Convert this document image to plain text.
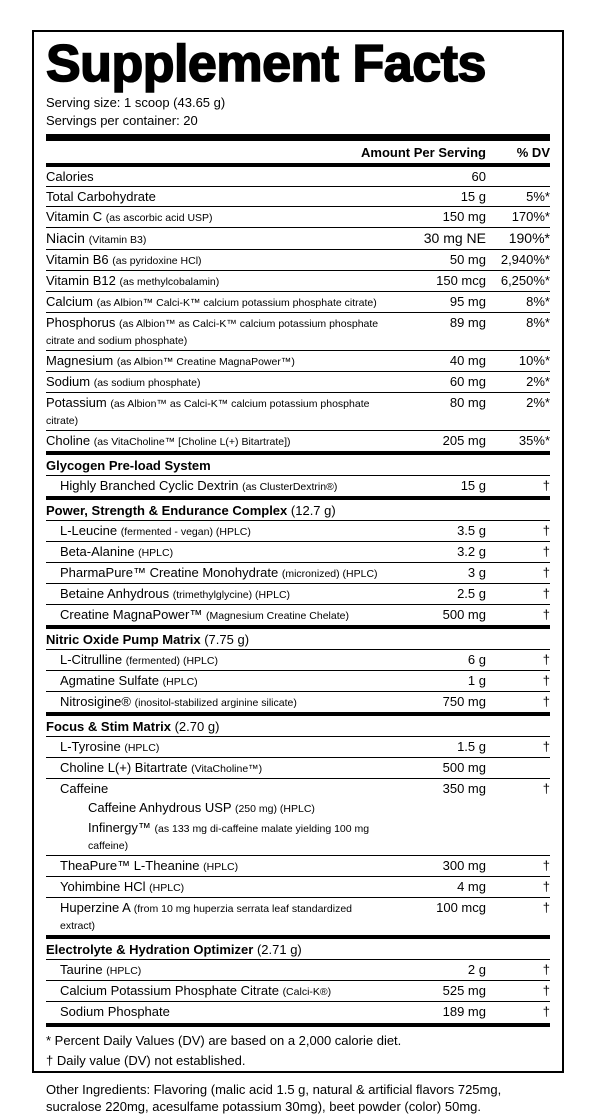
Supplement Facts
Serving size: 1 scoop (43.65 g)
Servings per container: 20
Amount Per Serving	% DV
Calories	60
Total Carbohydrate	15 g	5%*
Vitamin C (as ascorbic acid USP)	150 mg	170%*
Niacin (Vitamin B3)	30 mg NE	190%*
Vitamin B6 (as pyridoxine HCl)	50 mg	2,940%*
Vitamin B12 (as methylcobalamin)	150 mcg	6,250%*
Calcium (as Albion™ Calci-K™ calcium potassium phosphate citrate)	95 mg	8%*
Phosphorus (as Albion™ as Calci-K™ calcium potassium phosphate citrate and sodium phosphate)
89 mg	8%*
Magnesium (as Albion™ Creatine MagnaPower™)	40 mg	10%*
Sodium (as sodium phosphate)	60 mg	2%*
Potassium (as Albion™ as Calci-K™ calcium potassium phosphate citrate)
80 mg	2%*
Choline (as VitaCholine™ [Choline L(+) Bitartrate])	205 mg	35%*
Glycogen Pre-load System
Highly Branched Cyclic Dextrin (as ClusterDextrin®)	15 g	†
Power, Strength & Endurance Complex (12.7 g)
L-Leucine (fermented - vegan) (HPLC)	3.5 g	†
Beta-Alanine (HPLC)	3.2 g	†
PharmaPure™ Creatine Monohydrate (micronized) (HPLC)	3 g	†
Betaine Anhydrous (trimethylglycine) (HPLC)	2.5 g	†
Creatine MagnaPower™ (Magnesium Creatine Chelate)	500 mg	†
Nitric Oxide Pump Matrix (7.75 g)
L-Citrulline (fermented) (HPLC)	6 g	†
Agmatine Sulfate (HPLC)	1 g	†
Nitrosigine® (inositol-stabilized arginine silicate)	750 mg	†
Focus & Stim Matrix (2.70 g)
L-Tyrosine (HPLC)	1.5 g	†
Choline L(+) Bitartrate (VitaCholine™)	500 mg
Caffeine	350 mg	†
Caffeine Anhydrous USP (250 mg) (HPLC)
Infinergy™ (as 133 mg di-caffeine malate yielding 100 mg caffeine)
TheaPure™ L-Theanine (HPLC)	300 mg	†
Yohimbine HCl (HPLC)	4 mg	†
Huperzine A (from 10 mg huperzia serrata leaf standardized extract)
100 mcg	†
Electrolyte & Hydration Optimizer (2.71 g)
Taurine (HPLC)	2 g	†
Calcium Potassium Phosphate Citrate (Calci-K®)	525 mg	†
Sodium Phosphate	189 mg	†
* Percent Daily Values (DV) are based on a 2,000 calorie diet.
† Daily value (DV) not established.
Other Ingredients: Flavoring (malic acid 1.5 g, natural & artificial flavors 725mg, sucralose 220mg, acesulfame potassium 30mg), beet powder (color) 50mg.
